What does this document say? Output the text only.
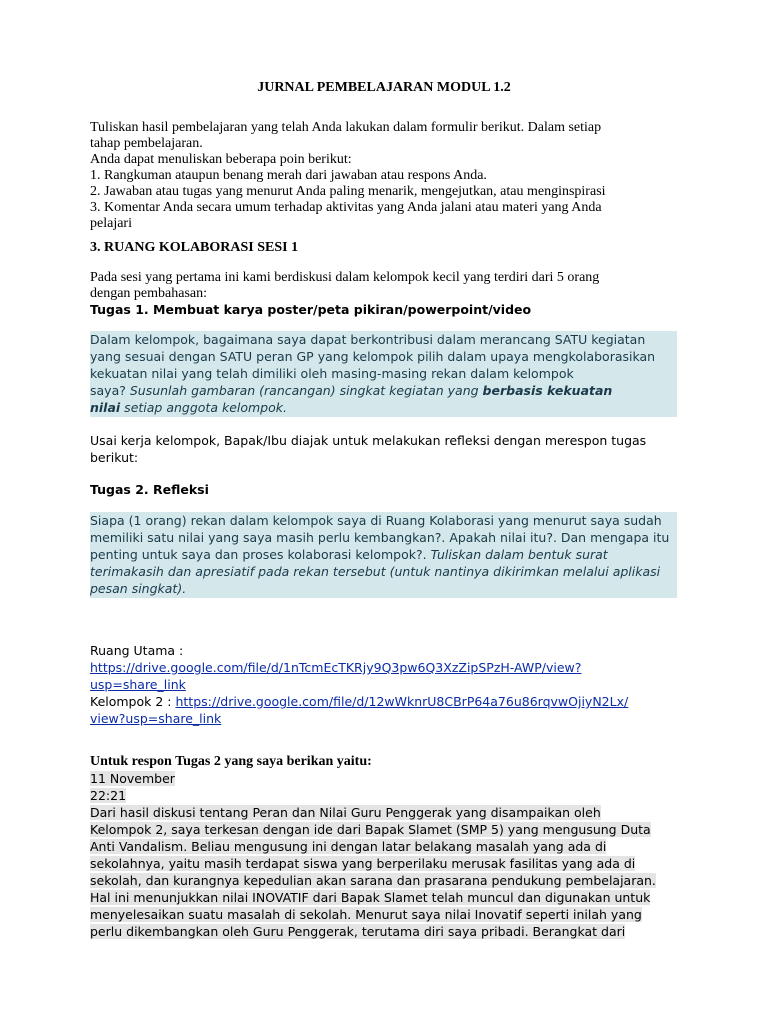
JURNAL PEMBELAJARAN MODUL 1.2
Tuliskan hasil pembelajaran yang telah Anda lakukan dalam formulir berikut. Dalam setiap
tahap pembelajaran.
Anda dapat menuliskan beberapa poin berikut:
1. Rangkuman ataupun benang merah dari jawaban atau respons Anda.
2. Jawaban atau tugas yang menurut Anda paling menarik, mengejutkan, atau menginspirasi
3. Komentar Anda secara umum terhadap aktivitas yang Anda jalani atau materi yang Anda
pelajari
3. RUANG KOLABORASI SESI 1
Pada sesi yang pertama ini kami berdiskusi dalam kelompok kecil yang terdiri dari 5 orang
dengan pembahasan:
Tugas 1. Membuat karya poster/peta pikiran/powerpoint/video
Dalam kelompok, bagaimana saya dapat berkontribusi dalam merancang SATU kegiatan
yang sesuai dengan SATU peran GP yang kelompok pilih dalam upaya mengkolaborasikan
kekuatan nilai yang telah dimiliki oleh masing-masing rekan dalam kelompok
saya? Susunlah gambaran (rancangan) singkat kegiatan yang berbasis kekuatan
nilai setiap anggota kelompok.
Usai kerja kelompok, Bapak/Ibu diajak untuk melakukan refleksi dengan merespon tugas
berikut:
Tugas 2. Refleksi
Siapa (1 orang) rekan dalam kelompok saya di Ruang Kolaborasi yang menurut saya sudah
memiliki satu nilai yang saya masih perlu kembangkan?. Apakah nilai itu?. Dan mengapa itu
penting untuk saya dan proses kolaborasi kelompok?. Tuliskan dalam bentuk surat
terimakasih dan apresiatif pada rekan tersebut (untuk nantinya dikirimkan melalui aplikasi
pesan singkat).
Ruang Utama :
https://drive.google.com/file/d/1nTcmEcTKRjy9Q3pw6Q3XzZipSPzH-AWP/view?
usp=share_link
Kelompok 2 : https://drive.google.com/file/d/12wWknrU8CBrP64a76u86rqvwOjiyN2Lx/
view?usp=share_link
Untuk respon Tugas 2 yang saya berikan yaitu:
11 November
22:21
Dari hasil diskusi tentang Peran dan Nilai Guru Penggerak yang disampaikan oleh
Kelompok 2, saya terkesan dengan ide dari Bapak Slamet (SMP 5) yang mengusung Duta
Anti Vandalism. Beliau mengusung ini dengan latar belakang masalah yang ada di
sekolahnya, yaitu masih terdapat siswa yang berperilaku merusak fasilitas yang ada di
sekolah, dan kurangnya kepedulian akan sarana dan prasarana pendukung pembelajaran.
Hal ini menunjukkan nilai INOVATIF dari Bapak Slamet telah muncul dan digunakan untuk
menyelesaikan suatu masalah di sekolah. Menurut saya nilai Inovatif seperti inilah yang
perlu dikembangkan oleh Guru Penggerak, terutama diri saya pribadi. Berangkat dari
